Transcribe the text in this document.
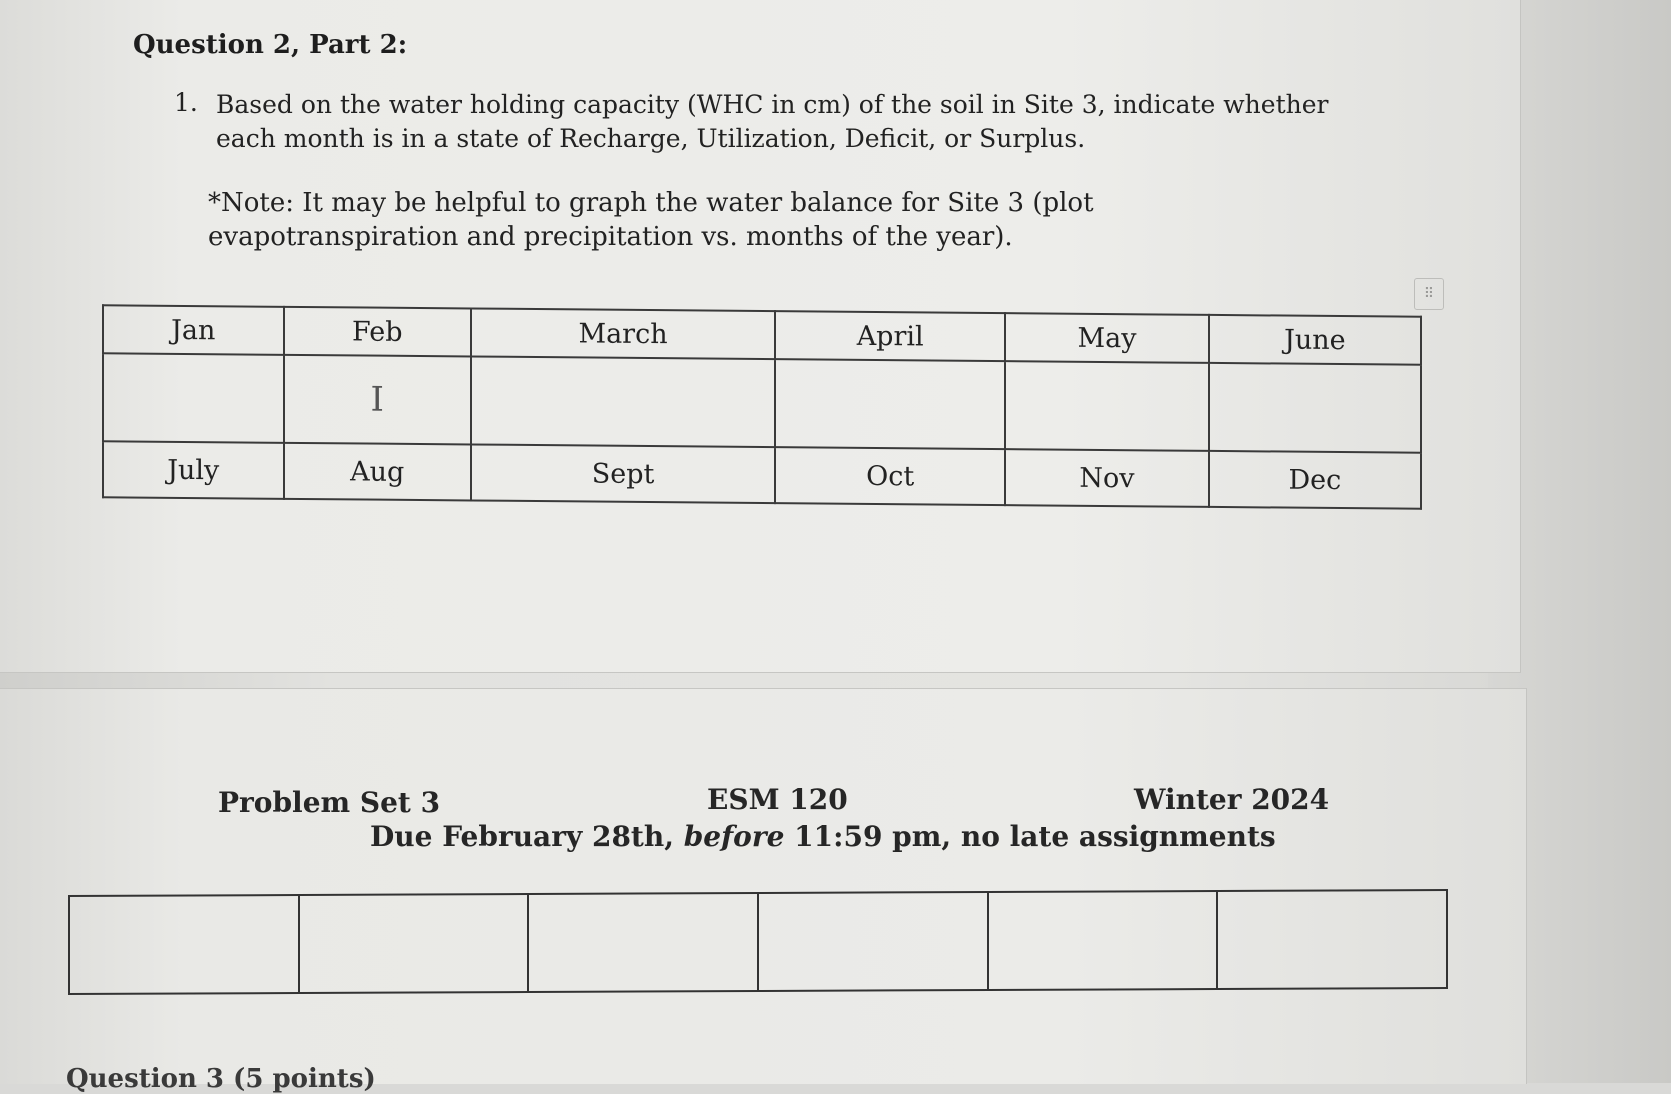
Question 2, Part 2:
1. Based on the water holding capacity (WHC in cm) of the soil in Site 3, indicate whether each month is in a state of Recharge, Utilization, Deficit, or Surplus.
*Note: It may be helpful to graph the water balance for Site 3 (plot evapotranspiration and precipitation vs. months of the year).
⠿
Jan	Feb	March	April	May	June
	I				
July	Aug	Sept	Oct	Nov	Dec
Problem Set 3	ESM 120	Winter 2024
Due February 28th, before 11:59 pm, no late assignments

Question 3 (5 points)
